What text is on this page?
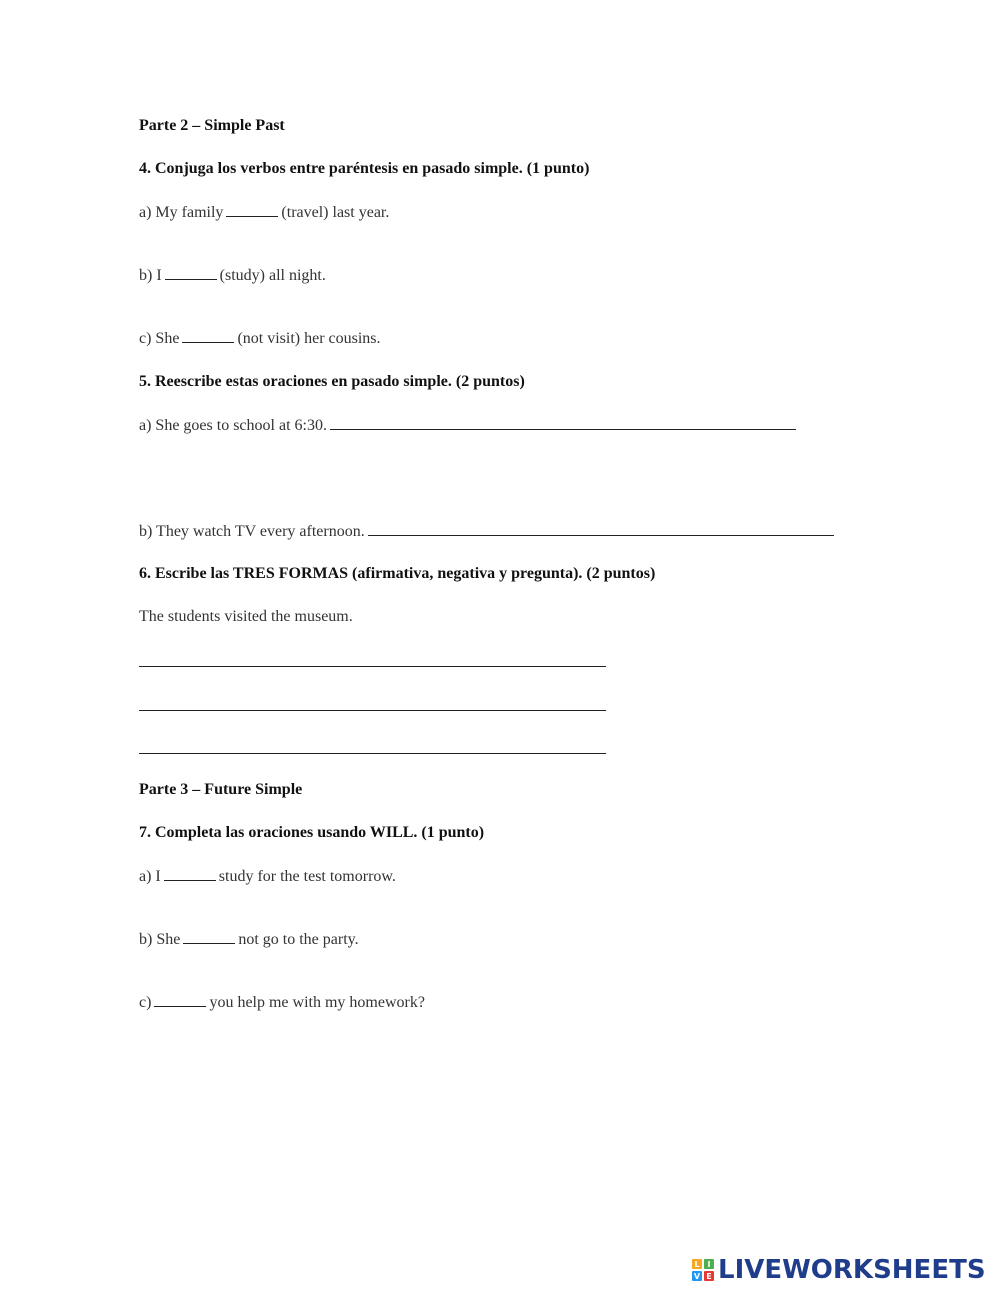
Parte 2 – Simple Past
4. Conjuga los verbos entre paréntesis en pasado simple. (1 punto)
a) My family	(travel) last year.
b) I	(study) all night.
c) She	(not visit) her cousins.
5. Reescribe estas oraciones en pasado simple. (2 puntos)
a) She goes to school at 6:30.
b) They watch TV every afternoon.
6. Escribe las TRES FORMAS (afirmativa, negativa y pregunta). (2 puntos)
The students visited the museum.
Parte 3 – Future Simple
7. Completa las oraciones usando WILL. (1 punto)
a) I	study for the test tomorrow.
b) She	not go to the party.
c)	you help me with my homework?
L I
V E LIVEWORKSHEETS
